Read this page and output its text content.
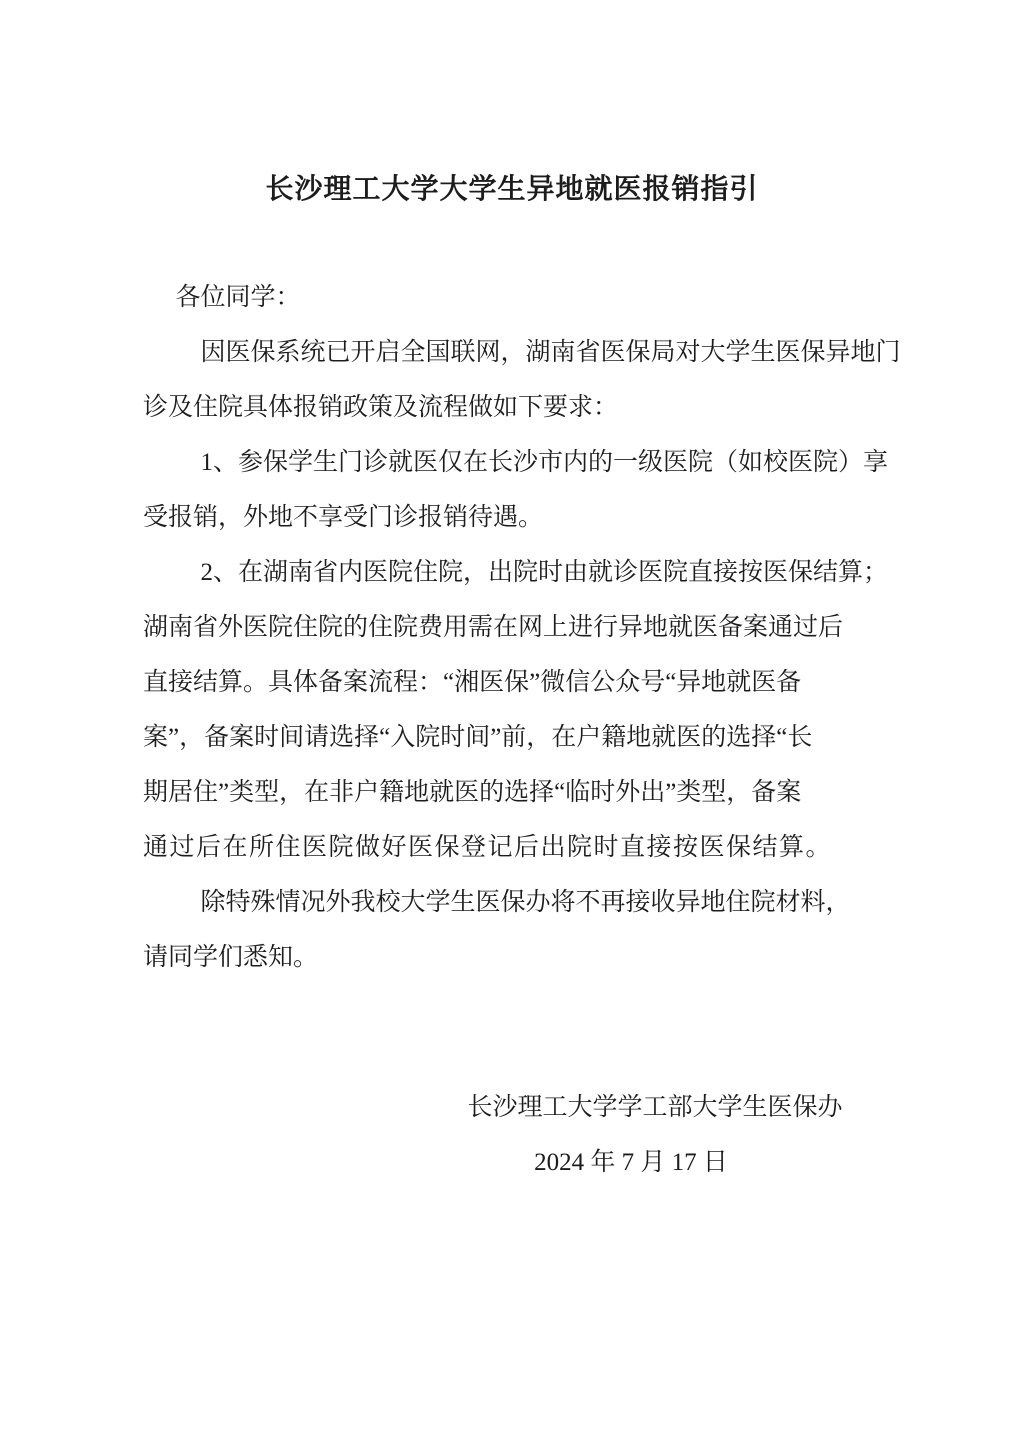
长沙理工大学大学生异地就医报销指引
各位同学：
因医保系统已开启全国联网，湖南省医保局对大学生医保异地门
诊及住院具体报销政策及流程做如下要求：
1、参保学生门诊就医仅在长沙市内的一级医院（如校医院）享
受报销，外地不享受门诊报销待遇。
2、在湖南省内医院住院，出院时由就诊医院直接按医保结算；
湖南省外医院住院的住院费用需在网上进行异地就医备案通过后
直接结算。具体备案流程：“湘医保”微信公众号“异地就医备
案”，备案时间请选择“入院时间”前，在户籍地就医的选择“长
期居住”类型，在非户籍地就医的选择“临时外出”类型，备案
通过后在所住医院做好医保登记后出院时直接按医保结算。
除特殊情况外我校大学生医保办将不再接收异地住院材料，
请同学们悉知。
长沙理工大学学工部大学生医保办
2024 年 7 月 17 日
